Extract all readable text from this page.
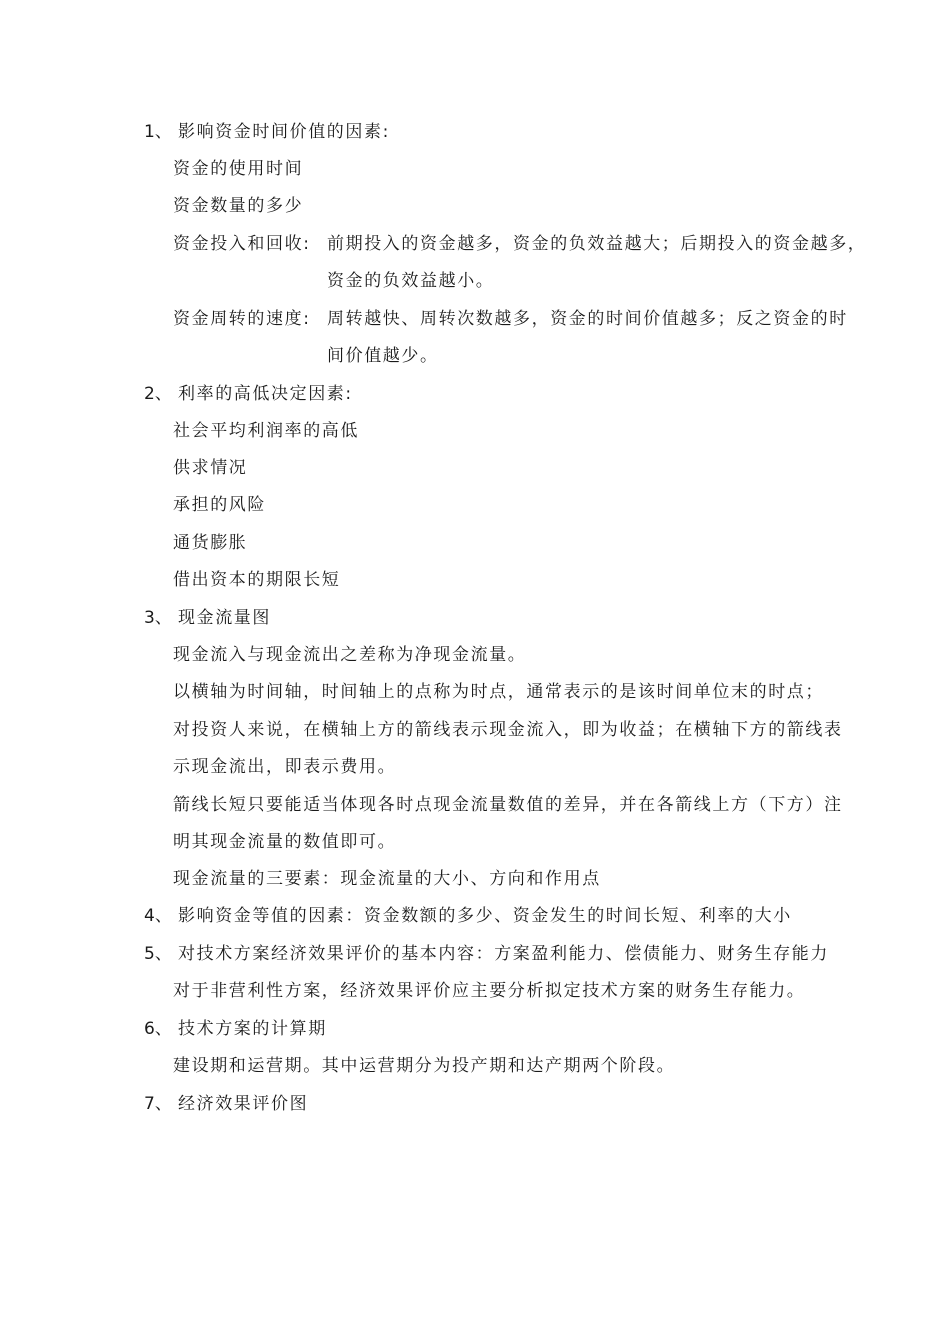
1、 影响资金时间价值的因素:
资金的使用时间
资金数量的多少
资金投入和回收: 前期投入的资金越多，资金的负效益越大；后期投入的资金越多，
资金的负效益越小。
资金周转的速度: 周转越快、周转次数越多，资金的时间价值越多；反之资金的时
间价值越少。
2、 利率的高低决定因素:
社会平均利润率的高低
供求情况
承担的风险
通货膨胀
借出资本的期限长短
3、 现金流量图
现金流入与现金流出之差称为净现金流量。
以横轴为时间轴，时间轴上的点称为时点，通常表示的是该时间单位末的时点；
对投资人来说，在横轴上方的箭线表示现金流入，即为收益；在横轴下方的箭线表
示现金流出，即表示费用。
箭线长短只要能适当体现各时点现金流量数值的差异，并在各箭线上方（下方）注
明其现金流量的数值即可。
现金流量的三要素：现金流量的大小、方向和作用点
4、 影响资金等值的因素：资金数额的多少、资金发生的时间长短、利率的大小
5、 对技术方案经济效果评价的基本内容：方案盈利能力、偿债能力、财务生存能力
对于非营利性方案，经济效果评价应主要分析拟定技术方案的财务生存能力。
6、 技术方案的计算期
建设期和运营期。其中运营期分为投产期和达产期两个阶段。
7、 经济效果评价图
